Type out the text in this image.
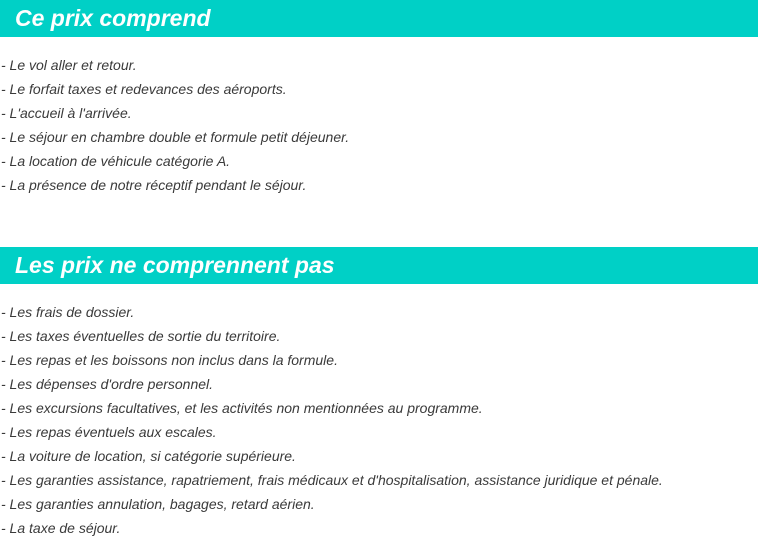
Ce prix comprend
- Le vol aller et retour.
- Le forfait taxes et redevances des aéroports.
- L'accueil à l'arrivée.
- Le séjour en chambre double et formule petit déjeuner.
- La location de véhicule catégorie A.
- La présence de notre réceptif pendant le séjour.
Les prix ne comprennent pas
- Les frais de dossier.
- Les taxes éventuelles de sortie du territoire.
- Les repas et les boissons non inclus dans la formule.
- Les dépenses d'ordre personnel.
- Les excursions facultatives, et les activités non mentionnées au programme.
- Les repas éventuels aux escales.
- La voiture de location, si catégorie supérieure.
- Les garanties assistance, rapatriement, frais médicaux et d'hospitalisation, assistance juridique et pénale.
- Les garanties annulation, bagages, retard aérien.
- La taxe de séjour.
